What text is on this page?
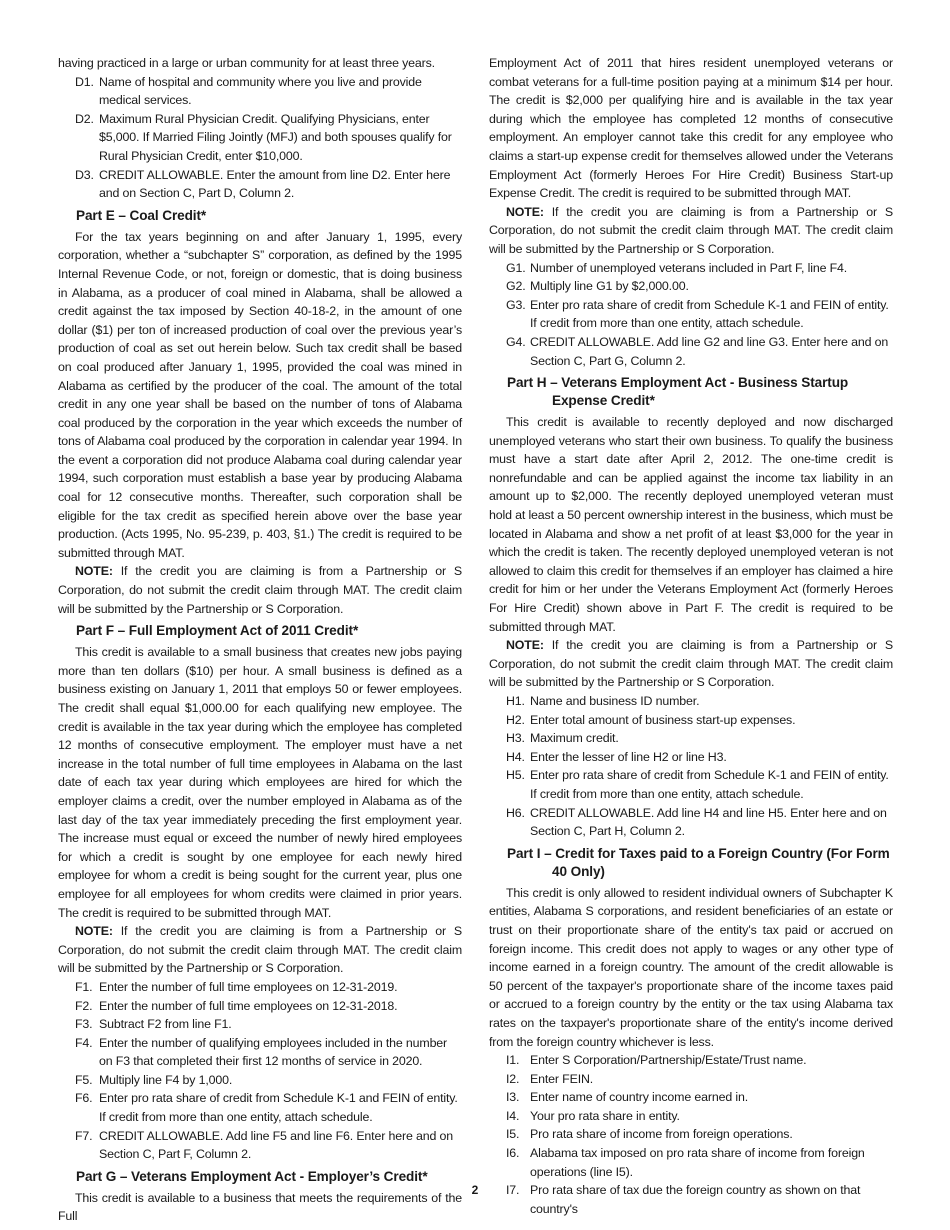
having practiced in a large or urban community for at least three years.

D1. Name of hospital and community where you live and provide medical services.
D2. Maximum Rural Physician Credit. Qualifying Physicians, enter $5,000. If Married Filing Jointly (MFJ) and both spouses qualify for Rural Physician Credit, enter $10,000.
D3. CREDIT ALLOWABLE. Enter the amount from line D2. Enter here and on Section C, Part D, Column 2.
Part E – Coal Credit*

For the tax years beginning on and after January 1, 1995, every corporation, whether a “subchapter S” corporation, as defined by the 1995 Internal Revenue Code, or not, foreign or domestic, that is doing business in Alabama, as a producer of coal mined in Alabama, shall be allowed a credit against the tax imposed by Section 40-18-2, in the amount of one dollar ($1) per ton of increased production of coal over the previous year’s production of coal as set out herein below. Such tax credit shall be based on coal produced after January 1, 1995, provided the coal was mined in Alabama as certified by the producer of the coal. The amount of the total credit in any one year shall be based on the number of tons of Alabama coal produced by the corporation in the year which exceeds the number of tons of Alabama coal produced by the corporation in calendar year 1994. In the event a corporation did not produce Alabama coal during calendar year 1994, such corporation must establish a base year by producing Alabama coal for 12 consecutive months. Thereafter, such corporation shall be eligible for the tax credit as specified herein above over the base year production. (Acts 1995, No. 95-239, p. 403, §1.) The credit is required to be submitted through MAT.

NOTE: If the credit you are claiming is from a Partnership or S Corporation, do not submit the credit claim through MAT. The credit claim will be submitted by the Partnership or S Corporation.

Part F – Full Employment Act of 2011 Credit*

This credit is available to a small business that creates new jobs paying more than ten dollars ($10) per hour. A small business is defined as a business existing on January 1, 2011 that employs 50 or fewer employees. The credit shall equal $1,000.00 for each qualifying new employee. The credit is available in the tax year during which the employee has completed 12 months of consecutive employment. The employer must have a net increase in the total number of full time employees in Alabama on the last date of each tax year during which employees are hired for which the employer claims a credit, over the number employed in Alabama as of the last day of the tax year immediately preceding the first employment year. The increase must equal or exceed the number of newly hired employees for which a credit is sought by one employee for each newly hired employee for whom a credit is being sought for the current year, plus one employee for all employees for whom credits were claimed in prior years. The credit is required to be submitted through MAT.

NOTE: If the credit you are claiming is from a Partnership or S Corporation, do not submit the credit claim through MAT. The credit claim will be submitted by the Partnership or S Corporation.

F1. Enter the number of full time employees on 12-31-2019.
F2. Enter the number of full time employees on 12-31-2018.
F3. Subtract F2 from line F1.
F4. Enter the number of qualifying employees included in the number on F3 that completed their first 12 months of service in 2020.
F5. Multiply line F4 by 1,000.
F6. Enter pro rata share of credit from Schedule K-1 and FEIN of entity. If credit from more than one entity, attach schedule.
F7. CREDIT ALLOWABLE. Add line F5 and line F6. Enter here and on Section C, Part F, Column 2.
Part G – Veterans Employment Act - Employer’s Credit*

This credit is available to a business that meets the requirements of the Full

Employment Act of 2011 that hires resident unemployed veterans or combat veterans for a full-time position paying at a minimum $14 per hour. The credit is $2,000 per qualifying hire and is available in the tax year during which the employee has completed 12 months of consecutive employment. An employer cannot take this credit for any employee who claims a start-up expense credit for themselves allowed under the Veterans Employment Act (formerly Heroes For Hire Credit) Business Start-up Expense Credit. The credit is required to be submitted through MAT.

NOTE: If the credit you are claiming is from a Partnership or S Corporation, do not submit the credit claim through MAT. The credit claim will be submitted by the Partnership or S Corporation.

G1. Number of unemployed veterans included in Part F, line F4.
G2. Multiply line G1 by $2,000.00.
G3. Enter pro rata share of credit from Schedule K-1 and FEIN of entity. If credit from more than one entity, attach schedule.
G4. CREDIT ALLOWABLE. Add line G2 and line G3. Enter here and on Section C, Part G, Column 2.
Part H – Veterans Employment Act - Business Startup Expense Credit*

This credit is available to recently deployed and now discharged unemployed veterans who start their own business. To qualify the business must have a start date after April 2, 2012. The one-time credit is nonrefundable and can be applied against the income tax liability in an amount up to $2,000. The recently deployed unemployed veteran must hold at least a 50 percent ownership interest in the business, which must be located in Alabama and show a net profit of at least $3,000 for the year in which the credit is taken. The recently deployed unemployed veteran is not allowed to claim this credit for themselves if an employer has claimed a hire credit for him or her under the Veterans Employment Act (formerly Heroes For Hire Credit) shown above in Part F. The credit is required to be submitted through MAT.

NOTE: If the credit you are claiming is from a Partnership or S Corporation, do not submit the credit claim through MAT. The credit claim will be submitted by the Partnership or S Corporation.

H1. Name and business ID number.
H2. Enter total amount of business start-up expenses.
H3. Maximum credit.
H4. Enter the lesser of line H2 or line H3.
H5. Enter pro rata share of credit from Schedule K-1 and FEIN of entity. If credit from more than one entity, attach schedule.
H6. CREDIT ALLOWABLE. Add line H4 and line H5. Enter here and on Section C, Part H, Column 2.
Part I – Credit for Taxes paid to a Foreign Country (For Form 40 Only)

This credit is only allowed to resident individual owners of Subchapter K entities, Alabama S corporations, and resident beneficiaries of an estate or trust on their proportionate share of the entity's tax paid or accrued on foreign income. This credit does not apply to wages or any other type of income earned in a foreign country. The amount of the credit allowable is 50 percent of the taxpayer's proportionate share of the income taxes paid or accrued to a foreign country by the entity or the tax using Alabama tax rates on the taxpayer's proportionate share of the entity's income derived from the foreign country whichever is less.

I1. Enter S Corporation/Partnership/Estate/Trust name.
I2. Enter FEIN.
I3. Enter name of country income earned in.
I4. Your pro rata share in entity.
I5. Pro rata share of income from foreign operations.
I6. Alabama tax imposed on pro rata share of income from foreign operations (line I5).
I7. Pro rata share of tax due the foreign country as shown on that country's
2
